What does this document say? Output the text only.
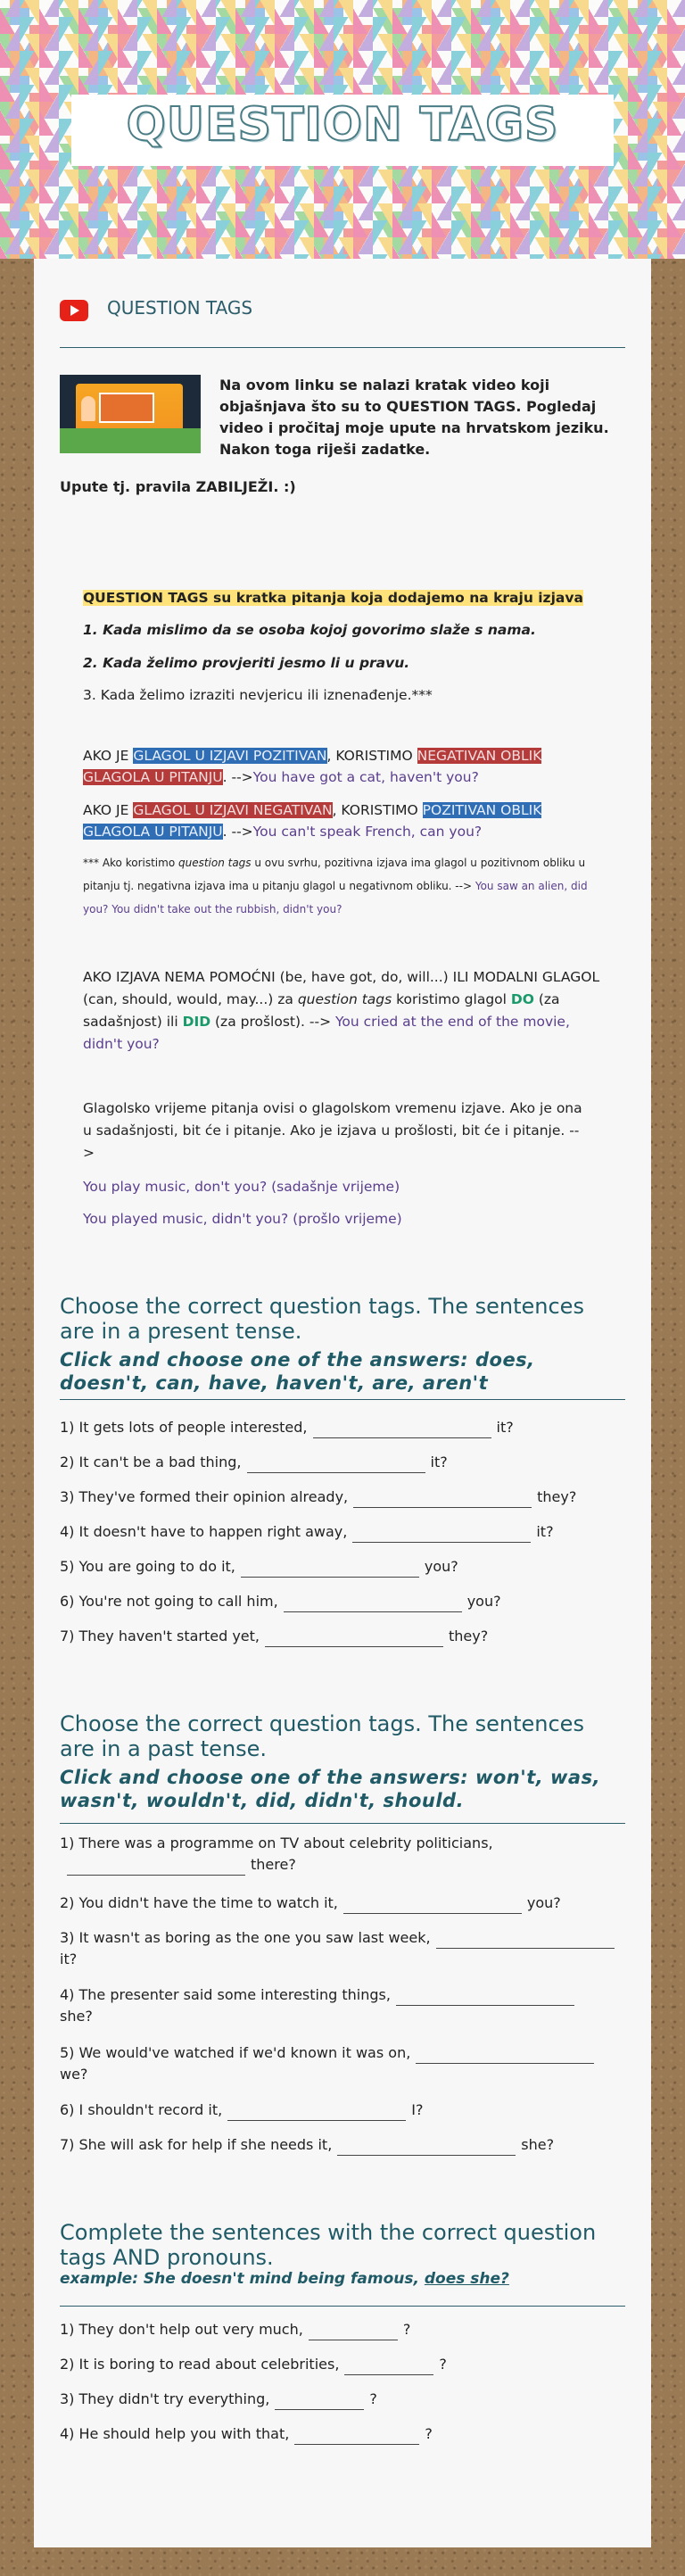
QUESTION TAGS
QUESTION TAGS
Na ovom linku se nalazi kratak video koji objašnjava što su to QUESTION TAGS. Pogledaj video i pročitaj moje upute na hrvatskom jeziku. Nakon toga riješi zadatke.
Upute tj. pravila ZABILJEŽI. :)
QUESTION TAGS su kratka pitanja koja dodajemo na kraju izjava
1. Kada mislimo da se osoba kojoj govorimo slaže s nama.
2. Kada želimo provjeriti jesmo li u pravu.
3. Kada želimo izraziti nevjericu ili iznenađenje.***
AKO JE GLAGOL U IZJAVI POZITIVAN, KORISTIMO NEGATIVAN OBLIK GLAGOLA U PITANJU. -->You have got a cat, haven't you?
AKO JE GLAGOL U IZJAVI NEGATIVAN, KORISTIMO POZITIVAN OBLIK GLAGOLA U PITANJU. -->You can't speak French, can you?
*** Ako koristimo question tags u ovu svrhu, pozitivna izjava ima glagol u pozitivnom obliku u pitanju tj. negativna izjava ima u pitanju glagol u negativnom obliku. --> You saw an alien, did you? You didn't take out the rubbish, didn't you?
AKO IZJAVA NEMA POMOĆNI (be, have got, do, will...) ILI MODALNI GLAGOL (can, should, would, may...) za question tags koristimo glagol DO (za sadašnjost) ili DID (za prošlost). --> You cried at the end of the movie, didn't you?
Glagolsko vrijeme pitanja ovisi o glagolskom vremenu izjave. Ako je ona u sadašnjosti, bit će i pitanje. Ako je izjava u prošlosti, bit će i pitanje. -->
You play music, don't you? (sadašnje vrijeme)
You played music, didn't you? (prošlo vrijeme)
Choose the correct question tags. The sentences are in a present tense.
Click and choose one of the answers: does, doesn't, can, have, haven't, are, aren't
1) It gets lots of people interested,	it?
2) It can't be a bad thing,	it?
3) They've formed their opinion already,	they?
4) It doesn't have to happen right away,	it?
5) You are going to do it,	you?
6) You're not going to call him,	you?
7) They haven't started yet,	they?
Choose the correct question tags. The sentences are in a past tense.
Click and choose one of the answers: won't, was, wasn't, wouldn't, did, didn't, should.
1) There was a programme on TV about celebrity politicians,
there?
2) You didn't have the time to watch it,	you?
3) It wasn't as boring as the one you saw last week,
it?
4) The presenter said some interesting things,
she?
5) We would've watched if we'd known it was on,
we?
6) I shouldn't record it,	I?
7) She will ask for help if she needs it,	she?
Complete the sentences with the correct question tags AND pronouns.
example: She doesn't mind being famous, does she?
1) They don't help out very much,	?
2) It is boring to read about celebrities,	?
3) They didn't try everything,	?
4) He should help you with that,	?
